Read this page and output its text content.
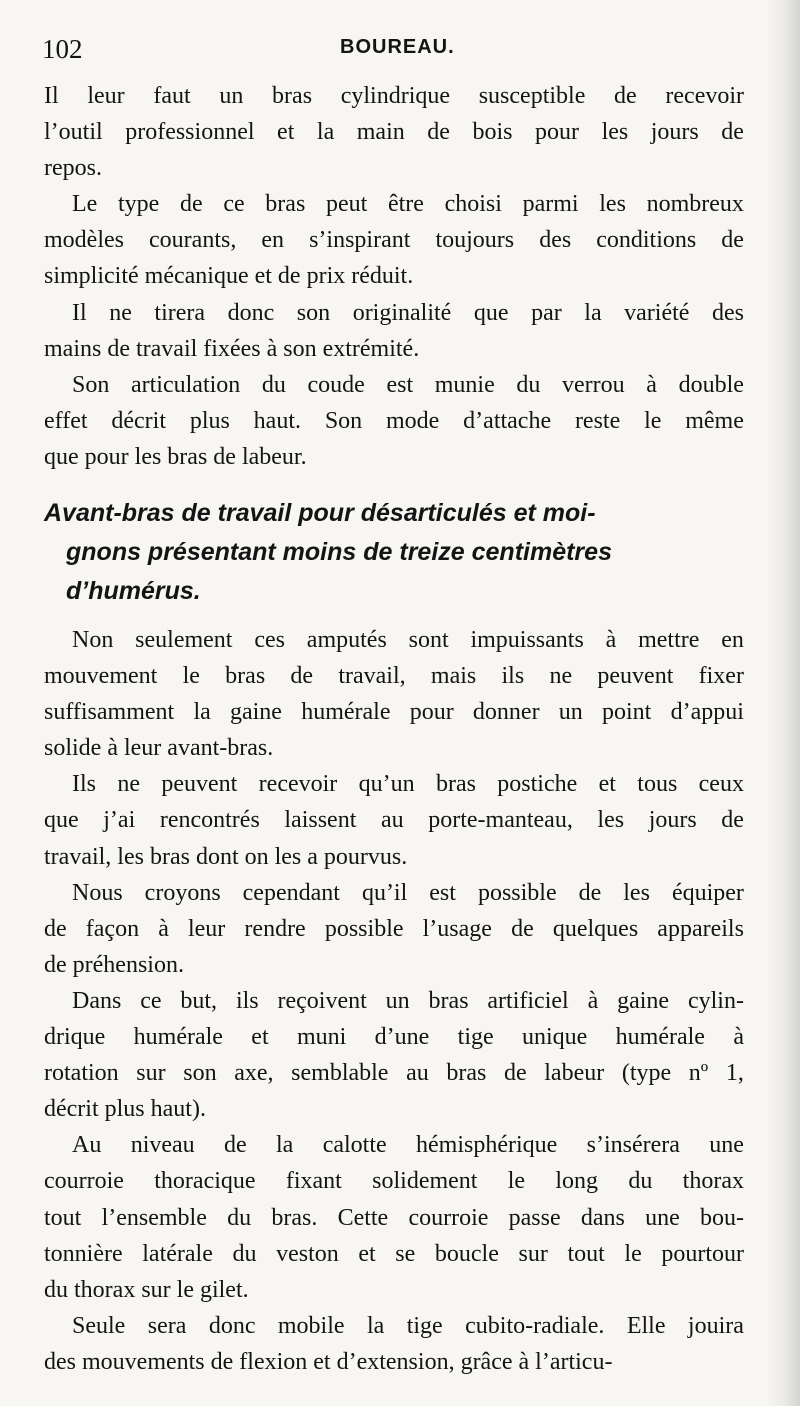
102	BOUREAU.
Il leur faut un bras cylindrique susceptible de recevoir
l’outil professionnel et la main de bois pour les jours de
repos.
Le type de ce bras peut être choisi parmi les nombreux
modèles courants, en s’inspirant toujours des conditions de
simplicité mécanique et de prix réduit.
Il ne tirera donc son originalité que par la variété des
mains de travail fixées à son extrémité.
Son articulation du coude est munie du verrou à double
effet décrit plus haut. Son mode d’attache reste le même
que pour les bras de labeur.
Avant-bras de travail pour désarticulés et moi-
gnons présentant moins de treize centimètres
d’humérus.
Non seulement ces amputés sont impuissants à mettre en
mouvement le bras de travail, mais ils ne peuvent fixer
suffisamment la gaine humérale pour donner un point d’appui
solide à leur avant-bras.
Ils ne peuvent recevoir qu’un bras postiche et tous ceux
que j’ai rencontrés laissent au porte-manteau, les jours de
travail, les bras dont on les a pourvus.
Nous croyons cependant qu’il est possible de les équiper
de façon à leur rendre possible l’usage de quelques appareils
de préhension.
Dans ce but, ils reçoivent un bras artificiel à gaine cylin-
drique humérale et muni d’une tige unique humérale à
rotation sur son axe, semblable au bras de labeur (type nº 1,
décrit plus haut).
Au niveau de la calotte hémisphérique s’insérera une
courroie thoracique fixant solidement le long du thorax
tout l’ensemble du bras. Cette courroie passe dans une bou-
tonnière latérale du veston et se boucle sur tout le pourtour
du thorax sur le gilet.
Seule sera donc mobile la tige cubito-radiale. Elle jouira
des mouvements de flexion et d’extension, grâce à l’articu-
